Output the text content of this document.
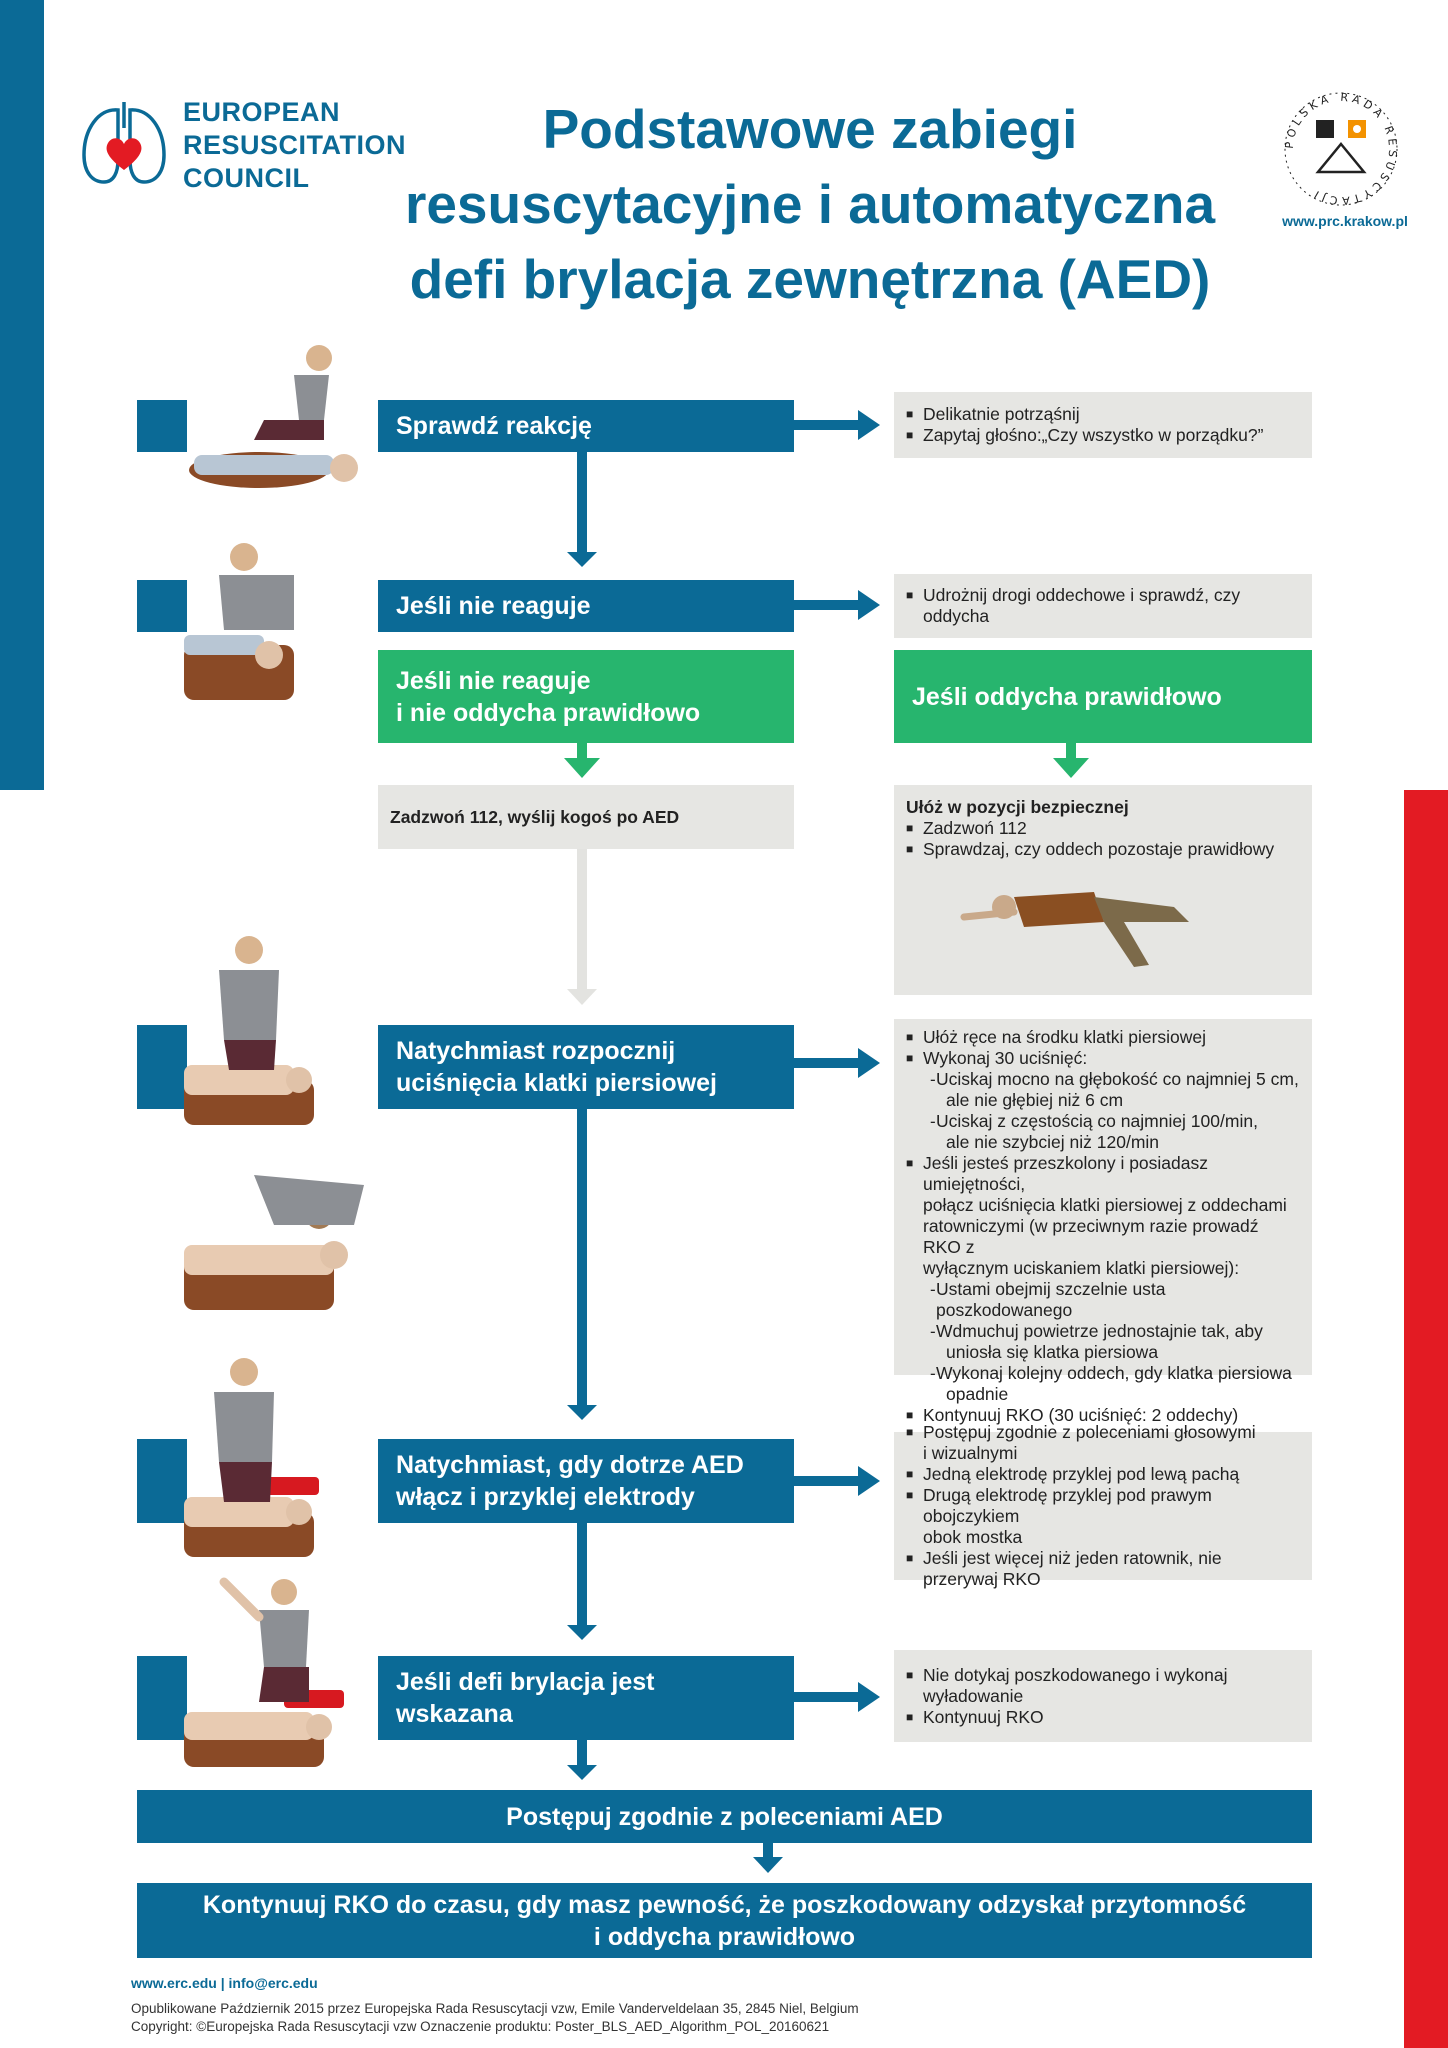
EUROPEAN
RESUSCITATION
COUNCIL
Podstawowe zabiegi
resuscytacyjne i automatyczna
defi brylacja zewnętrzna (AED)
POLSKA RADA RESUSCYTACJI
www.prc.krakow.pl
Sprawdź reakcję	■ Delikatnie potrząśnij
■ Zapytaj głośno:„Czy wszystko w porządku?”
Jeśli nie reaguje	■ Udrożnij drogi oddechowe i sprawdź, czy oddycha
Jeśli nie reaguje
i nie oddycha prawidłowo
Jeśli oddycha prawidłowo
Zadzwoń 112, wyślij kogoś po AED	Ułóż w pozycji bezpiecznej
■ Zadzwoń 112
■ Sprawdzaj, czy oddech pozostaje prawidłowy
Natychmiast rozpocznij
uciśnięcia klatki piersiowej
■ Ułóż ręce na środku klatki piersiowej
■ Wykonaj 30 uciśnięć:
- Uciskaj mocno na głębokość co najmniej 5 cm,
ale nie głębiej niż 6 cm
- Uciskaj z częstością co najmniej 100/min,
ale nie szybciej niż 120/min
■ Jeśli jesteś przeszkolony i posiadasz umiejętności,
połącz uciśnięcia klatki piersiowej z oddechami
ratowniczymi (w przeciwnym razie prowadź RKO z
wyłącznym uciskaniem klatki piersiowej):
- Ustami obejmij szczelnie usta poszkodowanego
- Wdmuchuj powietrze jednostajnie tak, aby
uniosła się klatka piersiowa
- Wykonaj kolejny oddech, gdy klatka piersiowa
opadnie
■ Kontynuuj RKO (30 uciśnięć: 2 oddechy)
Natychmiast, gdy dotrze AED
włącz i przyklej elektrody
■ Postępuj zgodnie z poleceniami głosowymi
i wizualnymi
■ Jedną elektrodę przyklej pod lewą pachą
■ Drugą elektrodę przyklej pod prawym obojczykiem
obok mostka
■ Jeśli jest więcej niż jeden ratownik, nie przerywaj RKO
Jeśli defi brylacja jest wskazana
■ Nie dotykaj poszkodowanego i wykonaj
wyładowanie
■ Kontynuuj RKO
Postępuj zgodnie z poleceniami AED
Kontynuuj RKO do czasu, gdy masz pewność, że poszkodowany odzyskał przytomność
i oddycha prawidłowo
www.erc.edu | info@erc.edu
Opublikowane Październik 2015 przez Europejska Rada Resuscytacji vzw, Emile Vanderveldelaan 35, 2845 Niel, Belgium
Copyright: ©Europejska Rada Resuscytacji vzw Oznaczenie produktu: Poster_BLS_AED_Algorithm_POL_20160621
